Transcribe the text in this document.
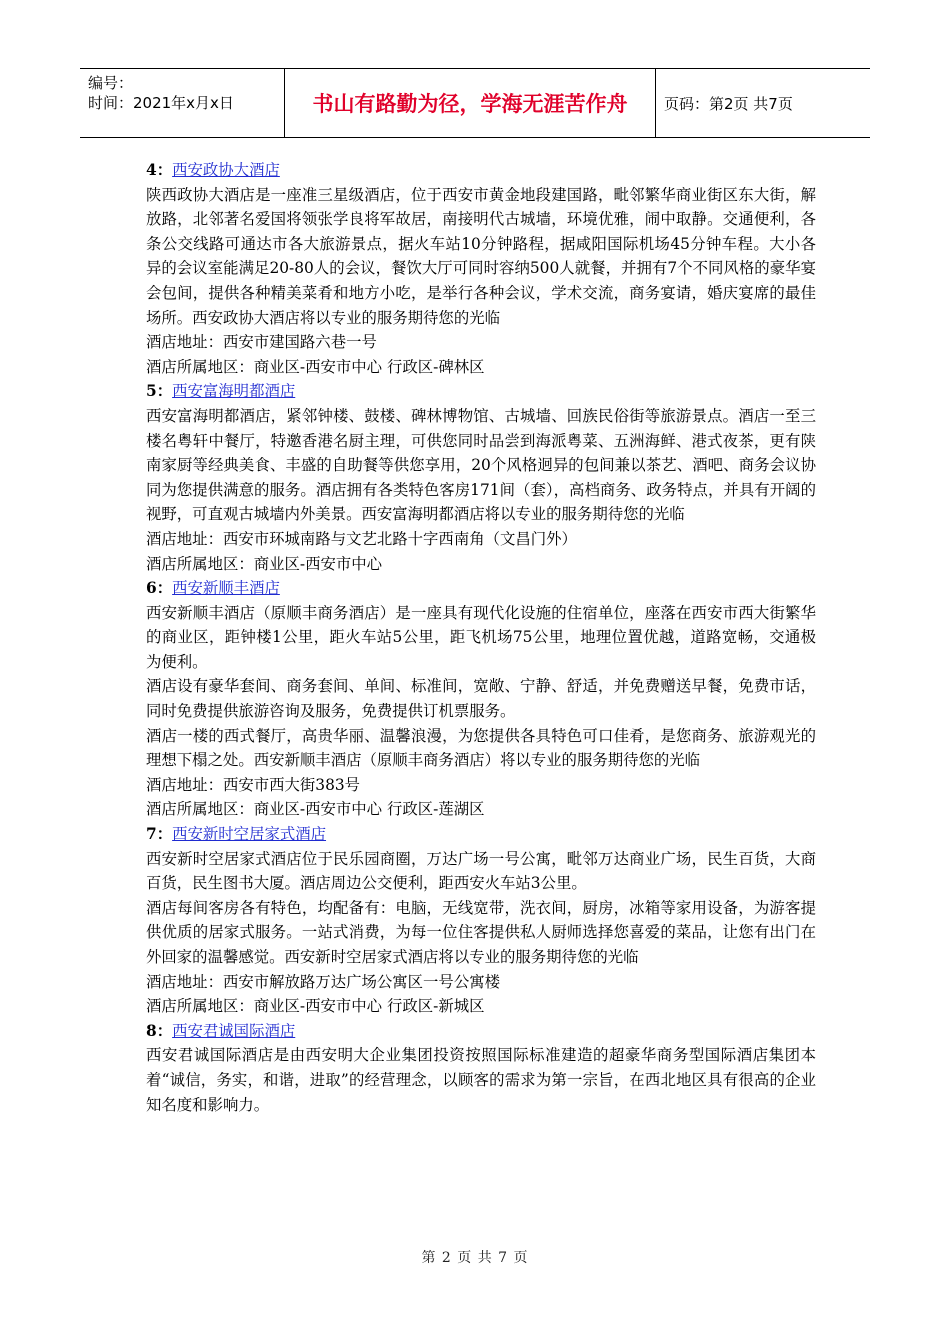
编号：
时间：2021年x月x日	书山有路勤为径，学海无涯苦作舟	页码：第2页 共7页

4：西安政协大酒店

陕西政协大酒店是一座准三星级酒店，位于西安市黄金地段建国路，毗邻繁华商业街区东大街，解放路，北邻著名爱国将领张学良将军故居，南接明代古城墙，环境优雅，闹中取静。交通便利，各条公交线路可通达市各大旅游景点，据火车站10分钟路程，据咸阳国际机场45分钟车程。大小各异的会议室能满足20-80人的会议，餐饮大厅可同时容纳500人就餐，并拥有7个不同风格的豪华宴会包间，提供各种精美菜肴和地方小吃，是举行各种会议，学术交流，商务宴请，婚庆宴席的最佳场所。西安政协大酒店将以专业的服务期待您的光临

酒店地址：西安市建国路六巷一号

酒店所属地区：商业区-西安市中心 行政区-碑林区

5：西安富海明都酒店

西安富海明都酒店，紧邻钟楼、鼓楼、碑林博物馆、古城墙、回族民俗街等旅游景点。酒店一至三楼名粤轩中餐厅，特邀香港名厨主理，可供您同时品尝到海派粤菜、五洲海鲜、港式夜茶，更有陕南家厨等经典美食、丰盛的自助餐等供您享用，20个风格迥异的包间兼以茶艺、酒吧、商务会议协同为您提供满意的服务。酒店拥有各类特色客房171间（套），高档商务、政务特点，并具有开阔的视野，可直观古城墙内外美景。西安富海明都酒店将以专业的服务期待您的光临

酒店地址：西安市环城南路与文艺北路十字西南角（文昌门外）

酒店所属地区：商业区-西安市中心

6：西安新顺丰酒店

西安新顺丰酒店（原顺丰商务酒店）是一座具有现代化设施的住宿单位，座落在西安市西大街繁华的商业区，距钟楼1公里，距火车站5公里，距飞机场75公里，地理位置优越，道路宽畅，交通极为便利。

酒店设有豪华套间、商务套间、单间、标准间，宽敞、宁静、舒适，并免费赠送早餐，免费市话，同时免费提供旅游咨询及服务，免费提供订机票服务。

酒店一楼的西式餐厅，高贵华丽、温馨浪漫，为您提供各具特色可口佳肴，是您商务、旅游观光的理想下榻之处。西安新顺丰酒店（原顺丰商务酒店）将以专业的服务期待您的光临

酒店地址：西安市西大街383号

酒店所属地区：商业区-西安市中心 行政区-莲湖区

7：西安新时空居家式酒店

西安新时空居家式酒店位于民乐园商圈，万达广场一号公寓，毗邻万达商业广场，民生百货，大商百货，民生图书大厦。酒店周边公交便利，距西安火车站3公里。

酒店每间客房各有特色，均配备有：电脑，无线宽带，洗衣间，厨房，冰箱等家用设备，为游客提供优质的居家式服务。一站式消费，为每一位住客提供私人厨师选择您喜爱的菜品，让您有出门在外回家的温馨感觉。西安新时空居家式酒店将以专业的服务期待您的光临

酒店地址：西安市解放路万达广场公寓区一号公寓楼

酒店所属地区：商业区-西安市中心 行政区-新城区

8：西安君诚国际酒店

西安君诚国际酒店是由西安明大企业集团投资按照国际标准建造的超豪华商务型国际酒店集团本着“诚信，务实，和谐，进取”的经营理念，以顾客的需求为第一宗旨，在西北地区具有很高的企业知名度和影响力。

第 2 页 共 7 页
